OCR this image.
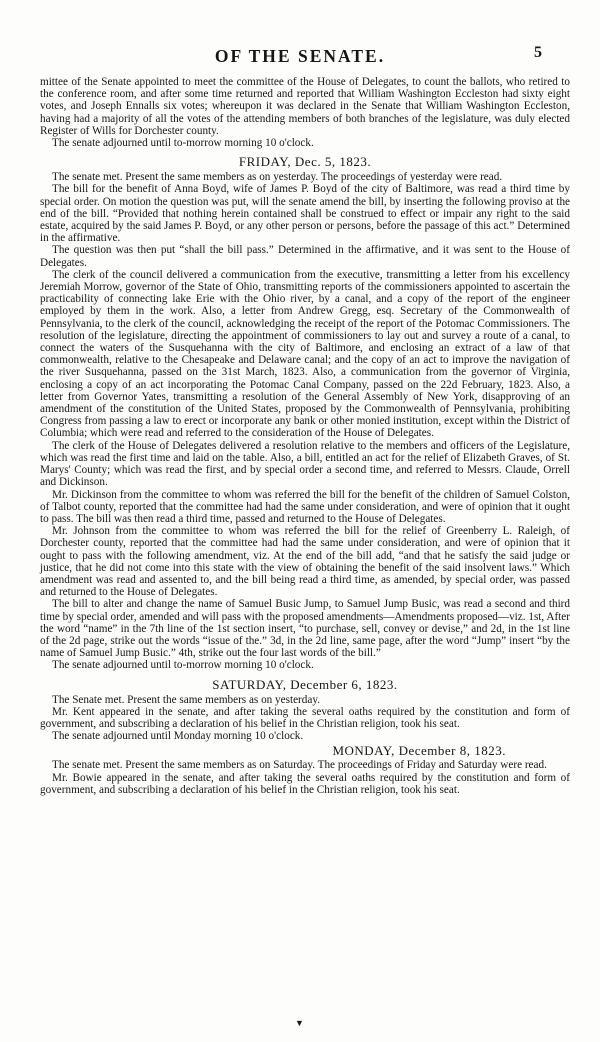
OF THE SENATE.	5

mittee of the Senate appointed to meet the committee of the House of Delegates, to count the ballots, who retired to the conference room, and after some time returned and reported that William Washington Eccleston had sixty eight votes, and Joseph Ennalls six votes; whereupon it was declared in the Senate that William Washington Eccleston, having had a majority of all the votes of the attending members of both branches of the legislature, was duly elected Register of Wills for Dorchester county.

The senate adjourned until to-morrow morning 10 o'clock.

FRIDAY, Dec. 5, 1823.

The senate met. Present the same members as on yesterday. The proceedings of yesterday were read.

The bill for the benefit of Anna Boyd, wife of James P. Boyd of the city of Baltimore, was read a third time by special order. On motion the question was put, will the senate amend the bill, by inserting the following proviso at the end of the bill. “Provided that nothing herein contained shall be construed to effect or impair any right to the said estate, acquired by the said James P. Boyd, or any other person or persons, before the passage of this act.” Determined in the affirmative.

The question was then put “shall the bill pass.” Determined in the affirmative, and it was sent to the House of Delegates.

The clerk of the council delivered a communication from the executive, transmitting a letter from his excellency Jeremiah Morrow, governor of the State of Ohio, transmitting reports of the commissioners appointed to ascertain the practicability of connecting lake Erie with the Ohio river, by a canal, and a copy of the report of the engineer employed by them in the work. Also, a letter from Andrew Gregg, esq. Secretary of the Commonwealth of Pennsylvania, to the clerk of the council, acknowledging the receipt of the report of the Potomac Commissioners. The resolution of the legislature, directing the appointment of commissioners to lay out and survey a route of a canal, to connect the waters of the Susquehanna with the city of Baltimore, and enclosing an extract of a law of that commonwealth, relative to the Chesapeake and Delaware canal; and the copy of an act to improve the navigation of the river Susquehanna, passed on the 31st March, 1823. Also, a communication from the governor of Virginia, enclosing a copy of an act incorporating the Potomac Canal Company, passed on the 22d February, 1823. Also, a letter from Governor Yates, transmitting a resolution of the General Assembly of New York, disapproving of an amendment of the constitution of the United States, proposed by the Commonwealth of Pennsylvania, prohibiting Congress from passing a law to erect or incorporate any bank or other monied institution, except within the District of Columbia; which were read and referred to the consideration of the House of Delegates.

The clerk of the House of Delegates delivered a resolution relative to the members and officers of the Legislature, which was read the first time and laid on the table. Also, a bill, entitled an act for the relief of Elizabeth Graves, of St. Marys' County; which was read the first, and by special order a second time, and referred to Messrs. Claude, Orrell and Dickinson.

Mr. Dickinson from the committee to whom was referred the bill for the benefit of the children of Samuel Colston, of Talbot county, reported that the committee had had the same under consideration, and were of opinion that it ought to pass. The bill was then read a third time, passed and returned to the House of Delegates.

Mr. Johnson from the committee to whom was referred the bill for the relief of Greenberry L. Raleigh, of Dorchester county, reported that the committee had had the same under consideration, and were of opinion that it ought to pass with the following amendment, viz. At the end of the bill add, “and that he satisfy the said judge or justice, that he did not come into this state with the view of obtaining the benefit of the said insolvent laws.” Which amendment was read and assented to, and the bill being read a third time, as amended, by special order, was passed and returned to the House of Delegates.

The bill to alter and change the name of Samuel Busic Jump, to Samuel Jump Busic, was read a second and third time by special order, amended and will pass with the proposed amendments—Amendments proposed—viz. 1st, After the word “name” in the 7th line of the 1st section insert, “to purchase, sell, convey or devise,” and 2d, in the 1st line of the 2d page, strike out the words “issue of the.” 3d, in the 2d line, same page, after the word “Jump” insert “by the name of Samuel Jump Busic.” 4th, strike out the four last words of the bill.”

The senate adjourned until to-morrow morning 10 o'clock.

SATURDAY, December 6, 1823.

The Senate met. Present the same members as on yesterday.

Mr. Kent appeared in the senate, and after taking the several oaths required by the constitution and form of government, and subscribing a declaration of his belief in the Christian religion, took his seat.

The senate adjourned until Monday morning 10 o'clock.

MONDAY, December 8, 1823.

The senate met. Present the same members as on Saturday. The proceedings of Friday and Saturday were read.

Mr. Bowie appeared in the senate, and after taking the several oaths required by the constitution and form of government, and subscribing a declaration of his belief in the Christian religion, took his seat.

▼
